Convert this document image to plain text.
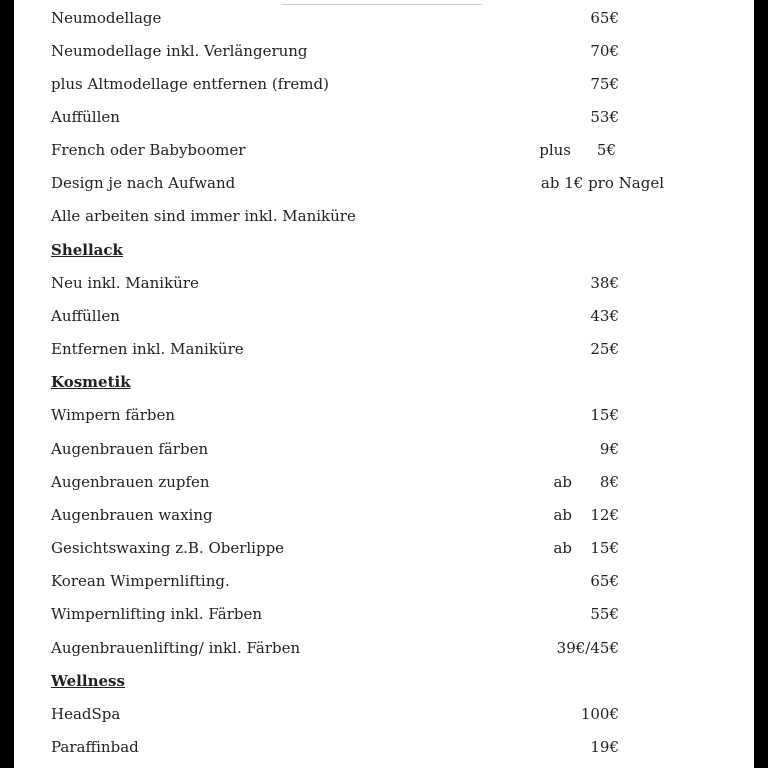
Neumodellage	65€
Neumodellage inkl. Verlängerung	70€
plus Altmodellage entfernen (fremd)	75€
Auffüllen	53€
French oder Babyboomer	plus 5€
Design je nach Aufwand	ab 1€ pro Nagel
Alle arbeiten sind immer inkl. Maniküre
Shellack
Neu inkl. Maniküre	38€
Auffüllen	43€
Entfernen inkl. Maniküre	25€
Kosmetik
Wimpern färben	15€
Augenbrauen färben	9€
Augenbrauen zupfen	ab 8€
Augenbrauen waxing	ab 12€
Gesichtswaxing z.B. Oberlippe	ab 15€
Korean Wimpernlifting.	65€
Wimpernlifting inkl. Färben	55€
Augenbrauenlifting/ inkl. Färben	39€/45€
Wellness
HeadSpa	100€
Paraffinbad	19€
